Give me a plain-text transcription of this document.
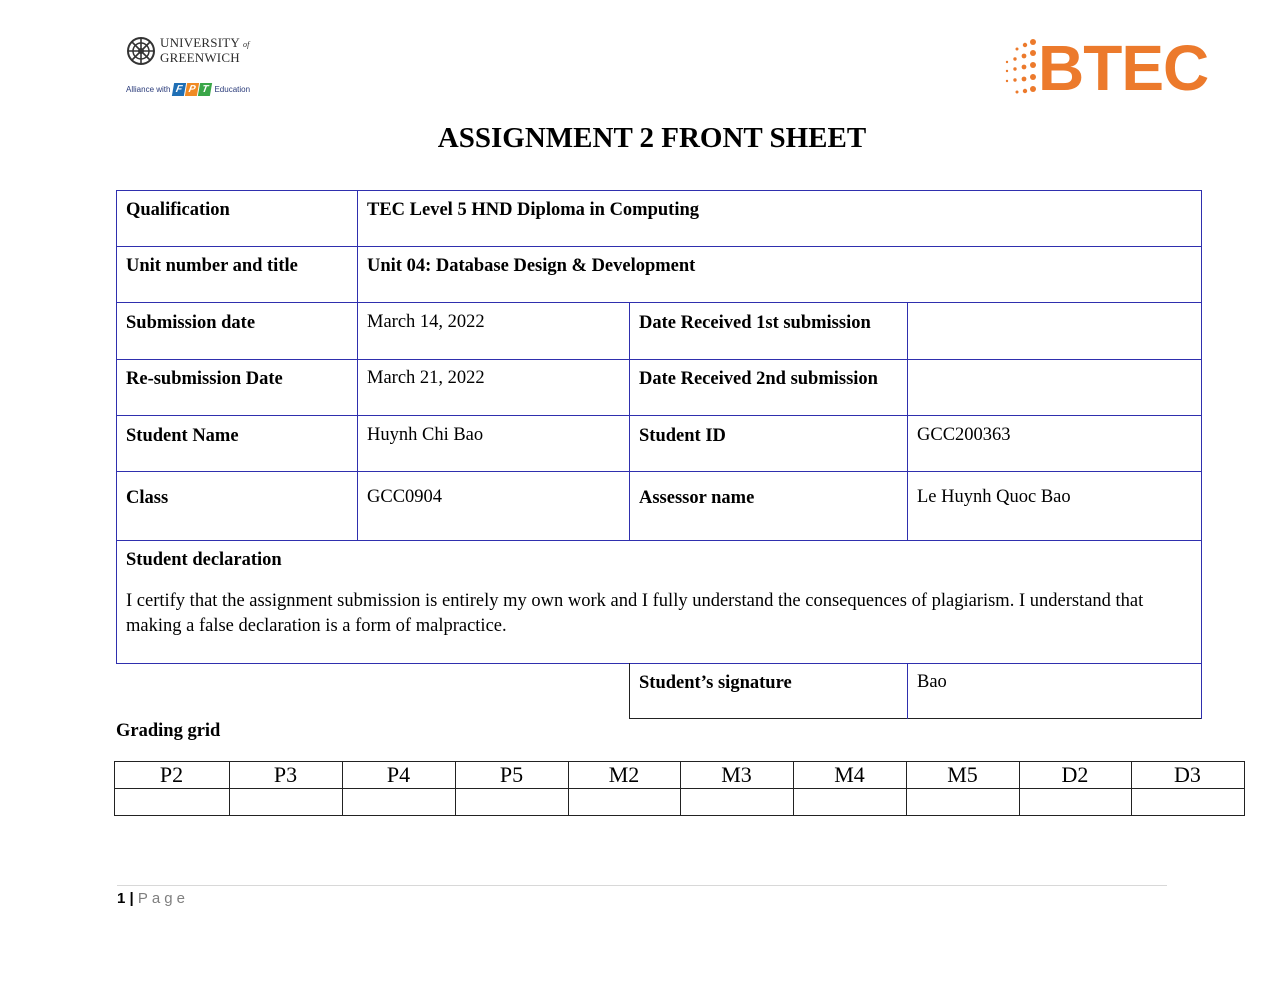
UNIVERSITY of
GREENWICH
Alliance with F P T Education	BTEC
ASSIGNMENT 2 FRONT SHEET
Qualification	TEC Level 5 HND Diploma in Computing
Unit number and title	Unit 04: Database Design & Development
Submission date	March 14, 2022	Date Received 1st submission
Re-submission Date	March 21, 2022	Date Received 2nd submission
Student Name	Huynh Chi Bao	Student ID	GCC200363
Class	GCC0904	Assessor name	Le Huynh Quoc Bao
Student declaration
I certify that the assignment submission is entirely my own work and I fully understand the consequences of plagiarism. I understand that making a false declaration is a form of malpractice.
Student’s signature	Bao
Grading grid
P2	P3	P4	P5	M2	M3	M4	M5	D2	D3
1 | Page
